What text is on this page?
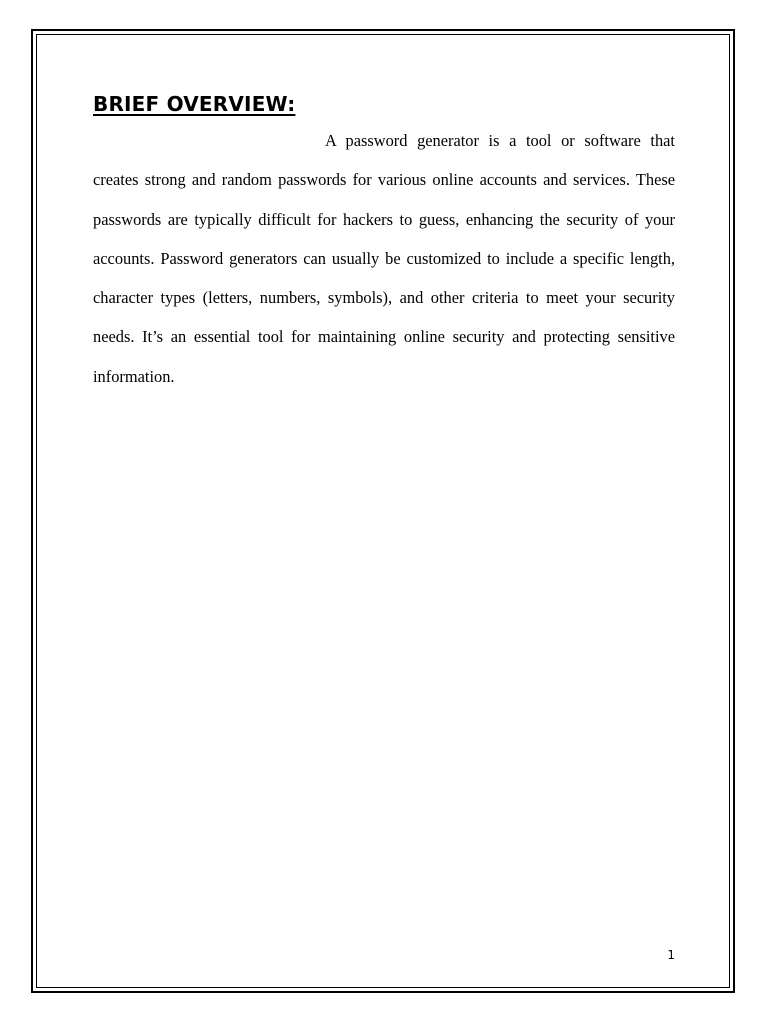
BRIEF OVERVIEW:

A password generator is a tool or software that creates strong and random passwords for various online accounts and services. These passwords are typically difficult for hackers to guess, enhancing the security of your accounts. Password generators can usually be customized to include a specific length, character types (letters, numbers, symbols), and other criteria to meet your security needs. It’s an essential tool for maintaining online security and protecting sensitive information.

1
